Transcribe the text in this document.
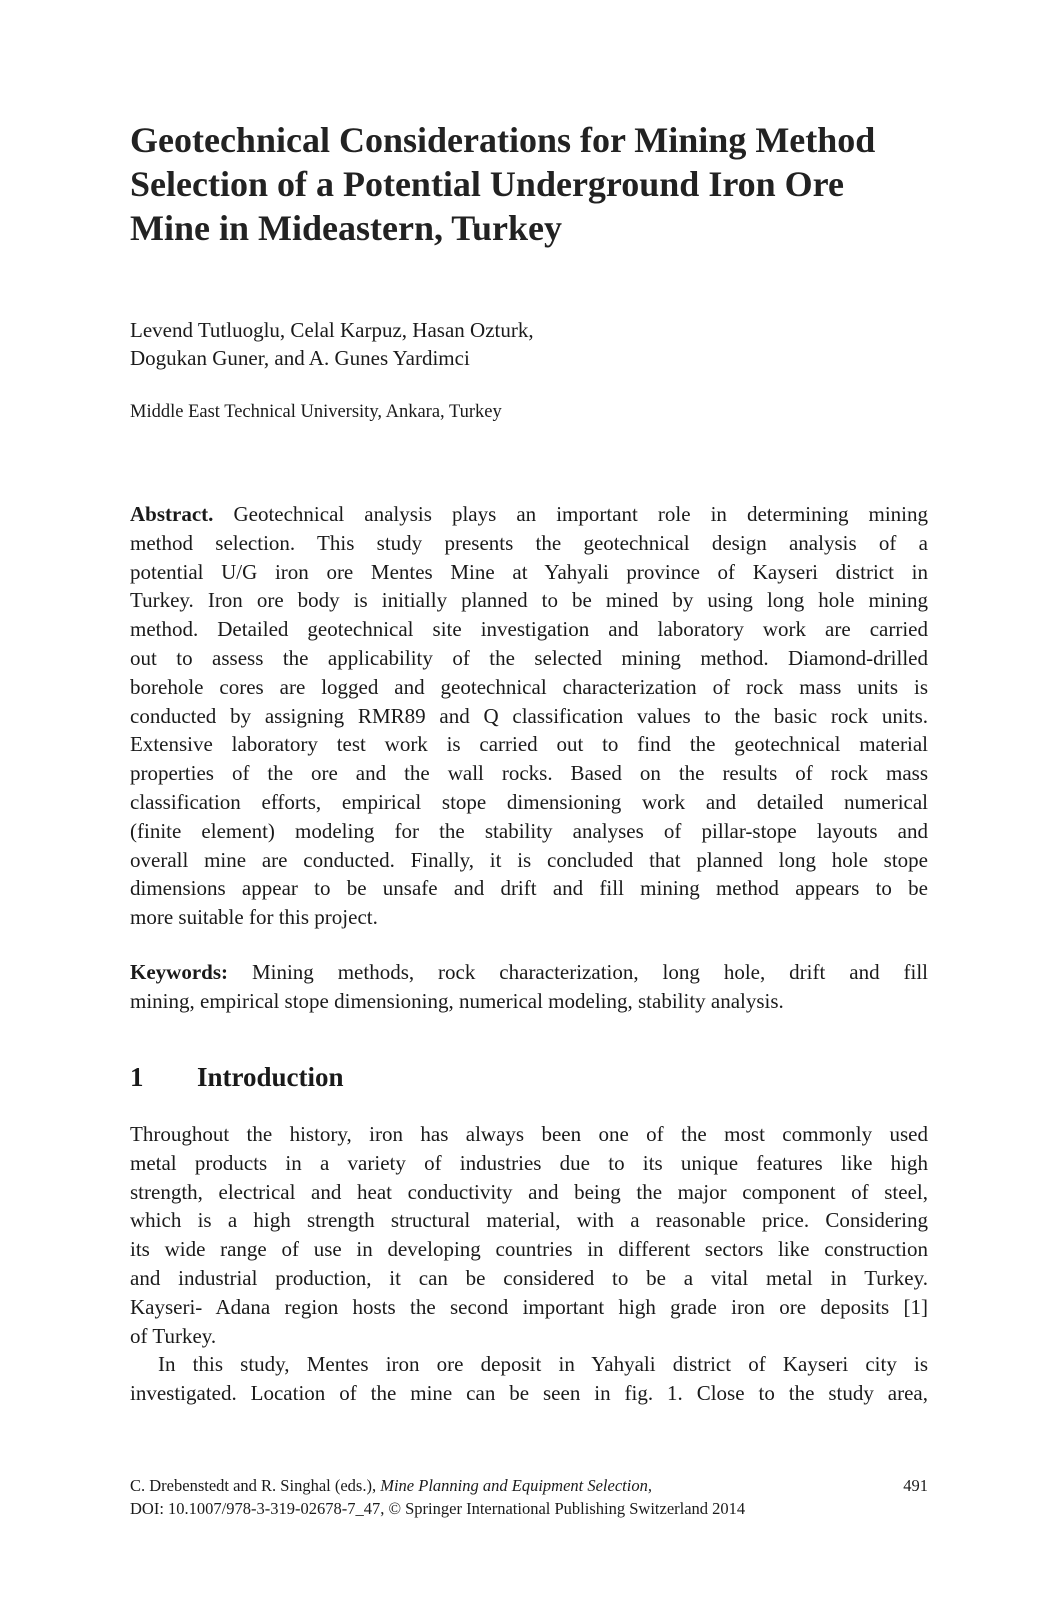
Geotechnical Considerations for Mining Method
Selection of a Potential Underground Iron Ore
Mine in Mideastern, Turkey
Levend Tutluoglu, Celal Karpuz, Hasan Ozturk,
Dogukan Guner, and A. Gunes Yardimci
Middle East Technical University, Ankara, Turkey
Abstract. Geotechnical analysis plays an important role in determining mining
method selection. This study presents the geotechnical design analysis of a
potential U/G iron ore Mentes Mine at Yahyali province of Kayseri district in
Turkey. Iron ore body is initially planned to be mined by using long hole mining
method. Detailed geotechnical site investigation and laboratory work are carried
out to assess the applicability of the selected mining method. Diamond-drilled
borehole cores are logged and geotechnical characterization of rock mass units is
conducted by assigning RMR89 and Q classification values to the basic rock units.
Extensive laboratory test work is carried out to find the geotechnical material
properties of the ore and the wall rocks. Based on the results of rock mass
classification efforts, empirical stope dimensioning work and detailed numerical
(finite element) modeling for the stability analyses of pillar-stope layouts and
overall mine are conducted. Finally, it is concluded that planned long hole stope
dimensions appear to be unsafe and drift and fill mining method appears to be
more suitable for this project.
Keywords: Mining methods, rock characterization, long hole, drift and fill
mining, empirical stope dimensioning, numerical modeling, stability analysis.
1 Introduction
Throughout the history, iron has always been one of the most commonly used
metal products in a variety of industries due to its unique features like high
strength, electrical and heat conductivity and being the major component of steel,
which is a high strength structural material, with a reasonable price. Considering
its wide range of use in developing countries in different sectors like construction
and industrial production, it can be considered to be a vital metal in Turkey.
Kayseri- Adana region hosts the second important high grade iron ore deposits [1]
of Turkey.
In this study, Mentes iron ore deposit in Yahyali district of Kayseri city is
investigated. Location of the mine can be seen in fig. 1. Close to the study area,
C. Drebenstedt and R. Singhal (eds.), Mine Planning and Equipment Selection,	491
DOI: 10.1007/978-3-319-02678-7_47, © Springer International Publishing Switzerland 2014
